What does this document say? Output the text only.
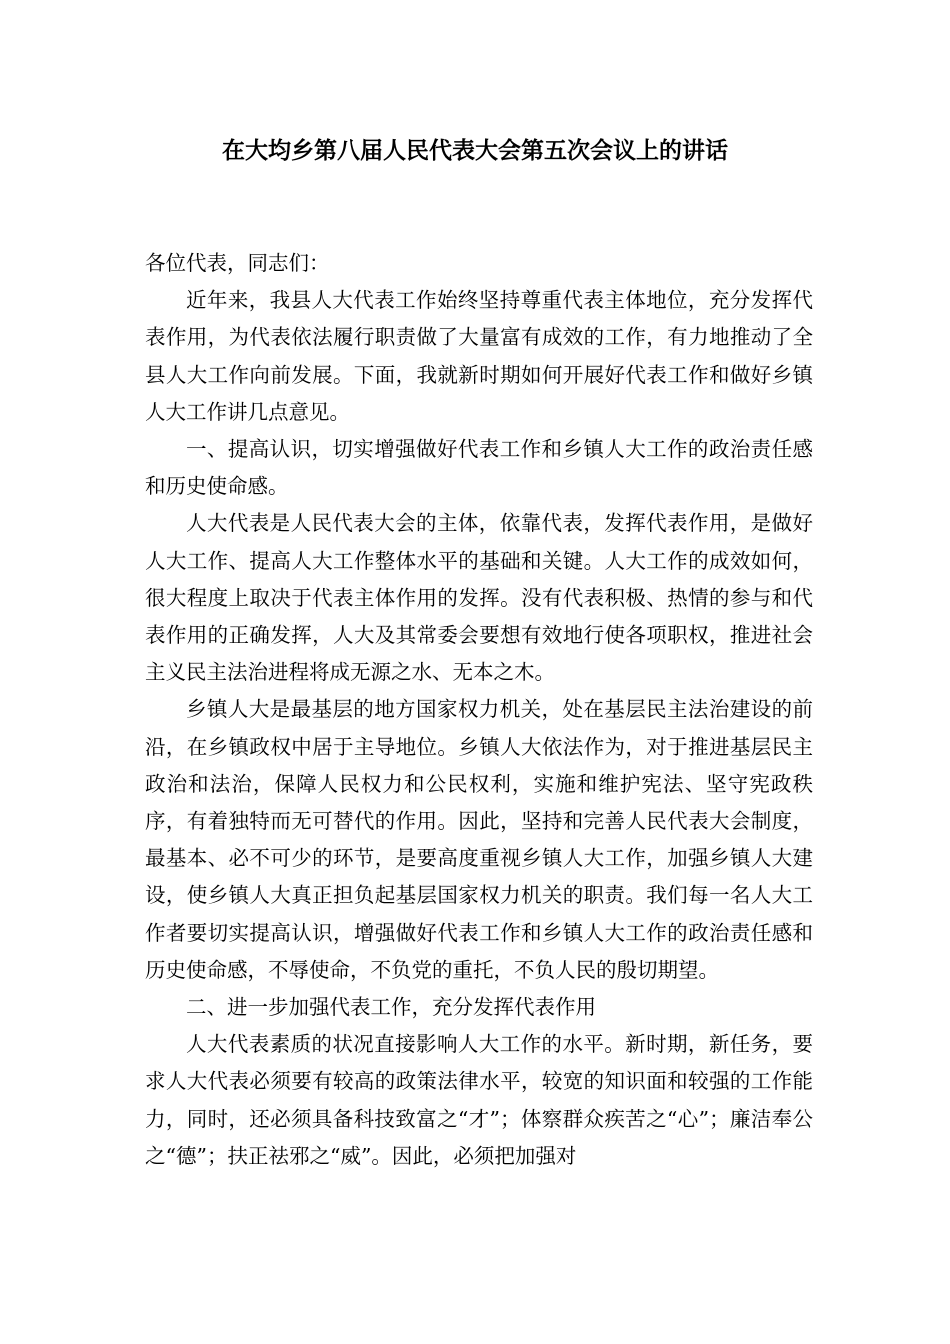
在大均乡第八届人民代表大会第五次会议上的讲话

各位代表，同志们：

近年来，我县人大代表工作始终坚持尊重代表主体地位，充分发挥代表作用，为代表依法履行职责做了大量富有成效的工作，有力地推动了全县人大工作向前发展。下面，我就新时期如何开展好代表工作和做好乡镇人大工作讲几点意见。

一、提高认识，切实增强做好代表工作和乡镇人大工作的政治责任感和历史使命感。

人大代表是人民代表大会的主体，依靠代表，发挥代表作用，是做好人大工作、提高人大工作整体水平的基础和关键。人大工作的成效如何，很大程度上取决于代表主体作用的发挥。没有代表积极、热情的参与和代表作用的正确发挥，人大及其常委会要想有效地行使各项职权，推进社会主义民主法治进程将成无源之水、无本之木。

乡镇人大是最基层的地方国家权力机关，处在基层民主法治建设的前沿，在乡镇政权中居于主导地位。乡镇人大依法作为，对于推进基层民主政治和法治，保障人民权力和公民权利，实施和维护宪法、坚守宪政秩序，有着独特而无可替代的作用。因此，坚持和完善人民代表大会制度，最基本、必不可少的环节，是要高度重视乡镇人大工作，加强乡镇人大建设，使乡镇人大真正担负起基层国家权力机关的职责。我们每一名人大工作者要切实提高认识，增强做好代表工作和乡镇人大工作的政治责任感和历史使命感，不辱使命，不负党的重托，不负人民的殷切期望。

二、进一步加强代表工作，充分发挥代表作用

人大代表素质的状况直接影响人大工作的水平。新时期，新任务，要求人大代表必须要有较高的政策法律水平，较宽的知识面和较强的工作能力，同时，还必须具备科技致富之“才”；体察群众疾苦之“心”；廉洁奉公之“德”；扶正祛邪之“威”。因此，必须把加强对
